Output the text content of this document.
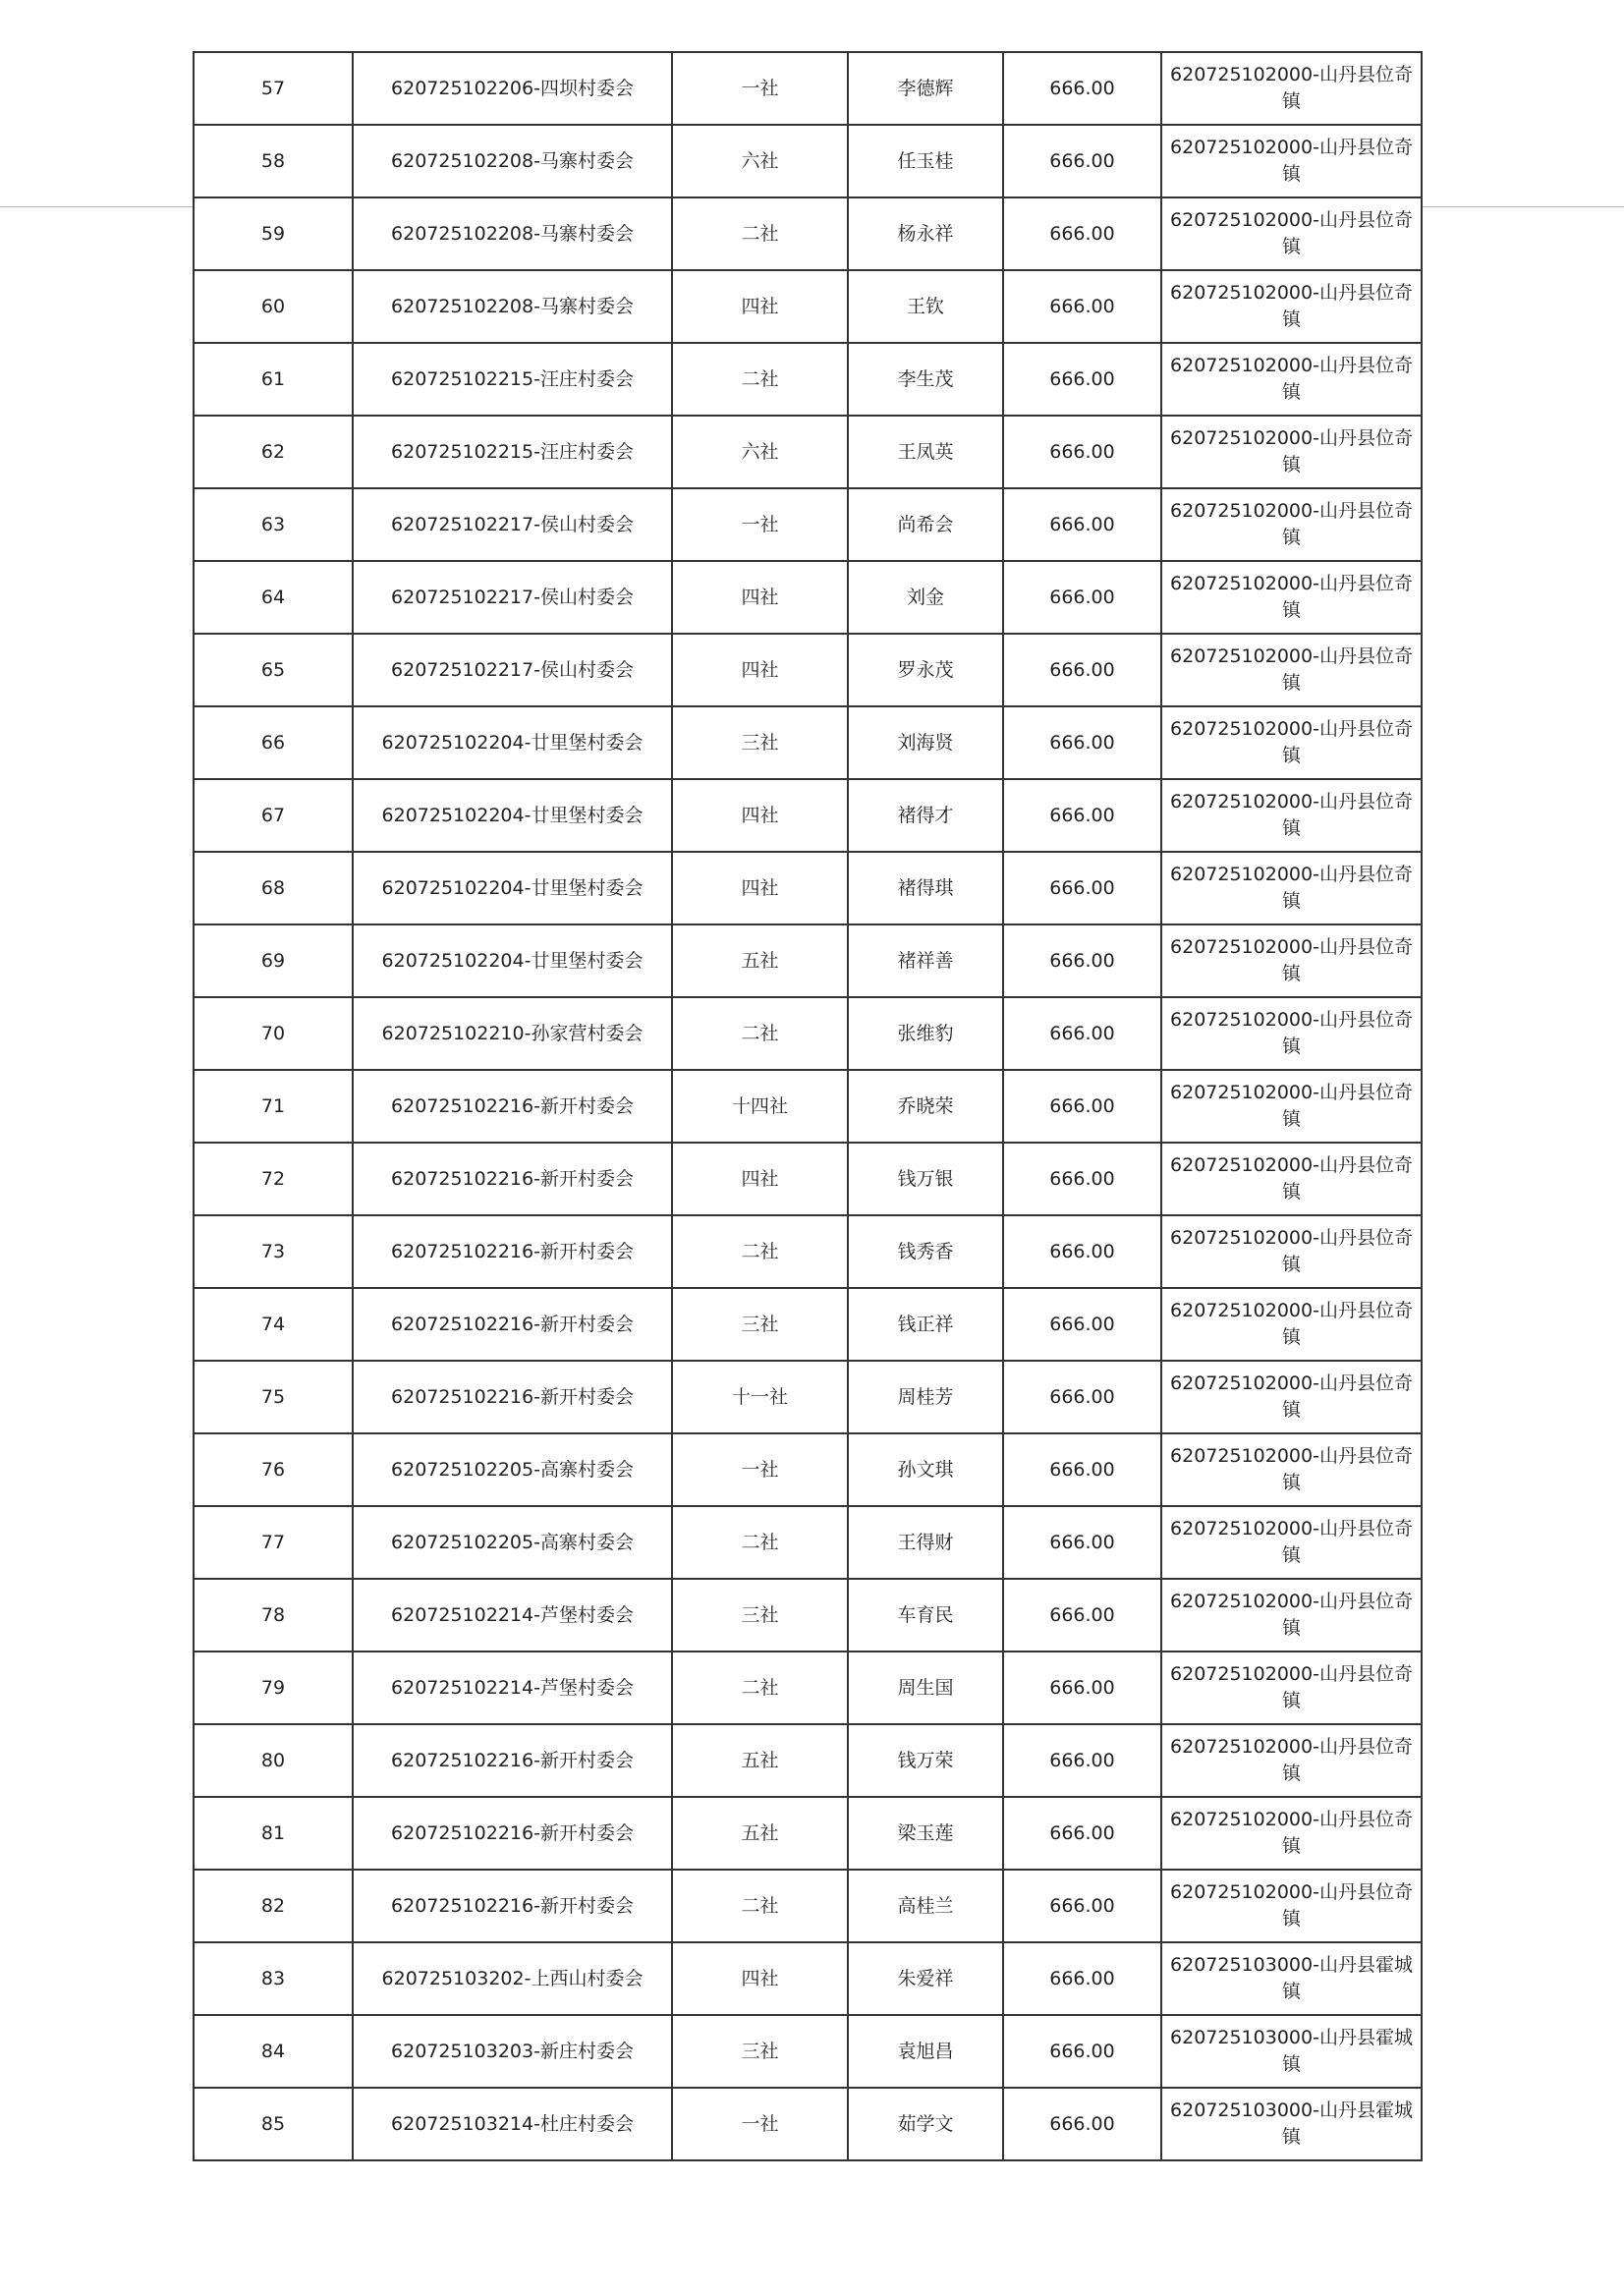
57	620725102206-四坝村委会	一社	李德辉	666.00	620725102000-山丹县位奇镇
58	620725102208-马寨村委会	六社	任玉桂	666.00	620725102000-山丹县位奇镇
59	620725102208-马寨村委会	二社	杨永祥	666.00	620725102000-山丹县位奇镇
60	620725102208-马寨村委会	四社	王钦	666.00	620725102000-山丹县位奇镇
61	620725102215-汪庄村委会	二社	李生茂	666.00	620725102000-山丹县位奇镇
62	620725102215-汪庄村委会	六社	王凤英	666.00	620725102000-山丹县位奇镇
63	620725102217-侯山村委会	一社	尚希会	666.00	620725102000-山丹县位奇镇
64	620725102217-侯山村委会	四社	刘金	666.00	620725102000-山丹县位奇镇
65	620725102217-侯山村委会	四社	罗永茂	666.00	620725102000-山丹县位奇镇
66	620725102204-廿里堡村委会	三社	刘海贤	666.00	620725102000-山丹县位奇镇
67	620725102204-廿里堡村委会	四社	褚得才	666.00	620725102000-山丹县位奇镇
68	620725102204-廿里堡村委会	四社	褚得琪	666.00	620725102000-山丹县位奇镇
69	620725102204-廿里堡村委会	五社	褚祥善	666.00	620725102000-山丹县位奇镇
70	620725102210-孙家营村委会	二社	张维豹	666.00	620725102000-山丹县位奇镇
71	620725102216-新开村委会	十四社	乔晓荣	666.00	620725102000-山丹县位奇镇
72	620725102216-新开村委会	四社	钱万银	666.00	620725102000-山丹县位奇镇
73	620725102216-新开村委会	二社	钱秀香	666.00	620725102000-山丹县位奇镇
74	620725102216-新开村委会	三社	钱正祥	666.00	620725102000-山丹县位奇镇
75	620725102216-新开村委会	十一社	周桂芳	666.00	620725102000-山丹县位奇镇
76	620725102205-高寨村委会	一社	孙文琪	666.00	620725102000-山丹县位奇镇
77	620725102205-高寨村委会	二社	王得财	666.00	620725102000-山丹县位奇镇
78	620725102214-芦堡村委会	三社	车育民	666.00	620725102000-山丹县位奇镇
79	620725102214-芦堡村委会	二社	周生国	666.00	620725102000-山丹县位奇镇
80	620725102216-新开村委会	五社	钱万荣	666.00	620725102000-山丹县位奇镇
81	620725102216-新开村委会	五社	梁玉莲	666.00	620725102000-山丹县位奇镇
82	620725102216-新开村委会	二社	高桂兰	666.00	620725102000-山丹县位奇镇
83	620725103202-上西山村委会	四社	朱爱祥	666.00	620725103000-山丹县霍城镇
84	620725103203-新庄村委会	三社	袁旭昌	666.00	620725103000-山丹县霍城镇
85	620725103214-杜庄村委会	一社	茹学文	666.00	620725103000-山丹县霍城镇
